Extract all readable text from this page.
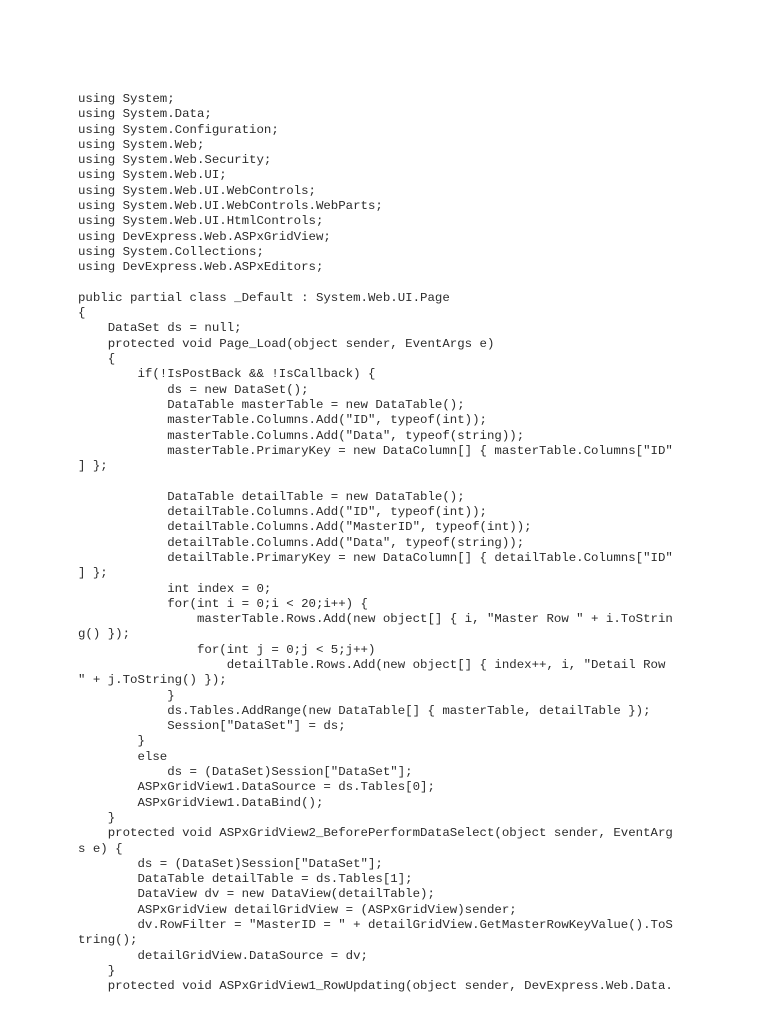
using System;
using System.Data;
using System.Configuration;
using System.Web;
using System.Web.Security;
using System.Web.UI;
using System.Web.UI.WebControls;
using System.Web.UI.WebControls.WebParts;
using System.Web.UI.HtmlControls;
using DevExpress.Web.ASPxGridView;
using System.Collections;
using DevExpress.Web.ASPxEditors;
public partial class _Default : System.Web.UI.Page
{
DataSet ds = null;
protected void Page_Load(object sender, EventArgs e)
{
if(!IsPostBack && !IsCallback) {
ds = new DataSet();
DataTable masterTable = new DataTable();
masterTable.Columns.Add("ID", typeof(int));
masterTable.Columns.Add("Data", typeof(string));
masterTable.PrimaryKey = new DataColumn[] { masterTable.Columns["ID"
] };
DataTable detailTable = new DataTable();
detailTable.Columns.Add("ID", typeof(int));
detailTable.Columns.Add("MasterID", typeof(int));
detailTable.Columns.Add("Data", typeof(string));
detailTable.PrimaryKey = new DataColumn[] { detailTable.Columns["ID"
] };
int index = 0;
for(int i = 0;i < 20;i++) {
masterTable.Rows.Add(new object[] { i, "Master Row " + i.ToStrin
g() });
for(int j = 0;j < 5;j++)
detailTable.Rows.Add(new object[] { index++, i, "Detail Row
" + j.ToString() });
}
ds.Tables.AddRange(new DataTable[] { masterTable, detailTable });
Session["DataSet"] = ds;
}
else
ds = (DataSet)Session["DataSet"];
ASPxGridView1.DataSource = ds.Tables[0];
ASPxGridView1.DataBind();
}
protected void ASPxGridView2_BeforePerformDataSelect(object sender, EventArg
s e) {
ds = (DataSet)Session["DataSet"];
DataTable detailTable = ds.Tables[1];
DataView dv = new DataView(detailTable);
ASPxGridView detailGridView = (ASPxGridView)sender;
dv.RowFilter = "MasterID = " + detailGridView.GetMasterRowKeyValue().ToS
tring();
detailGridView.DataSource = dv;
}
protected void ASPxGridView1_RowUpdating(object sender, DevExpress.Web.Data.
